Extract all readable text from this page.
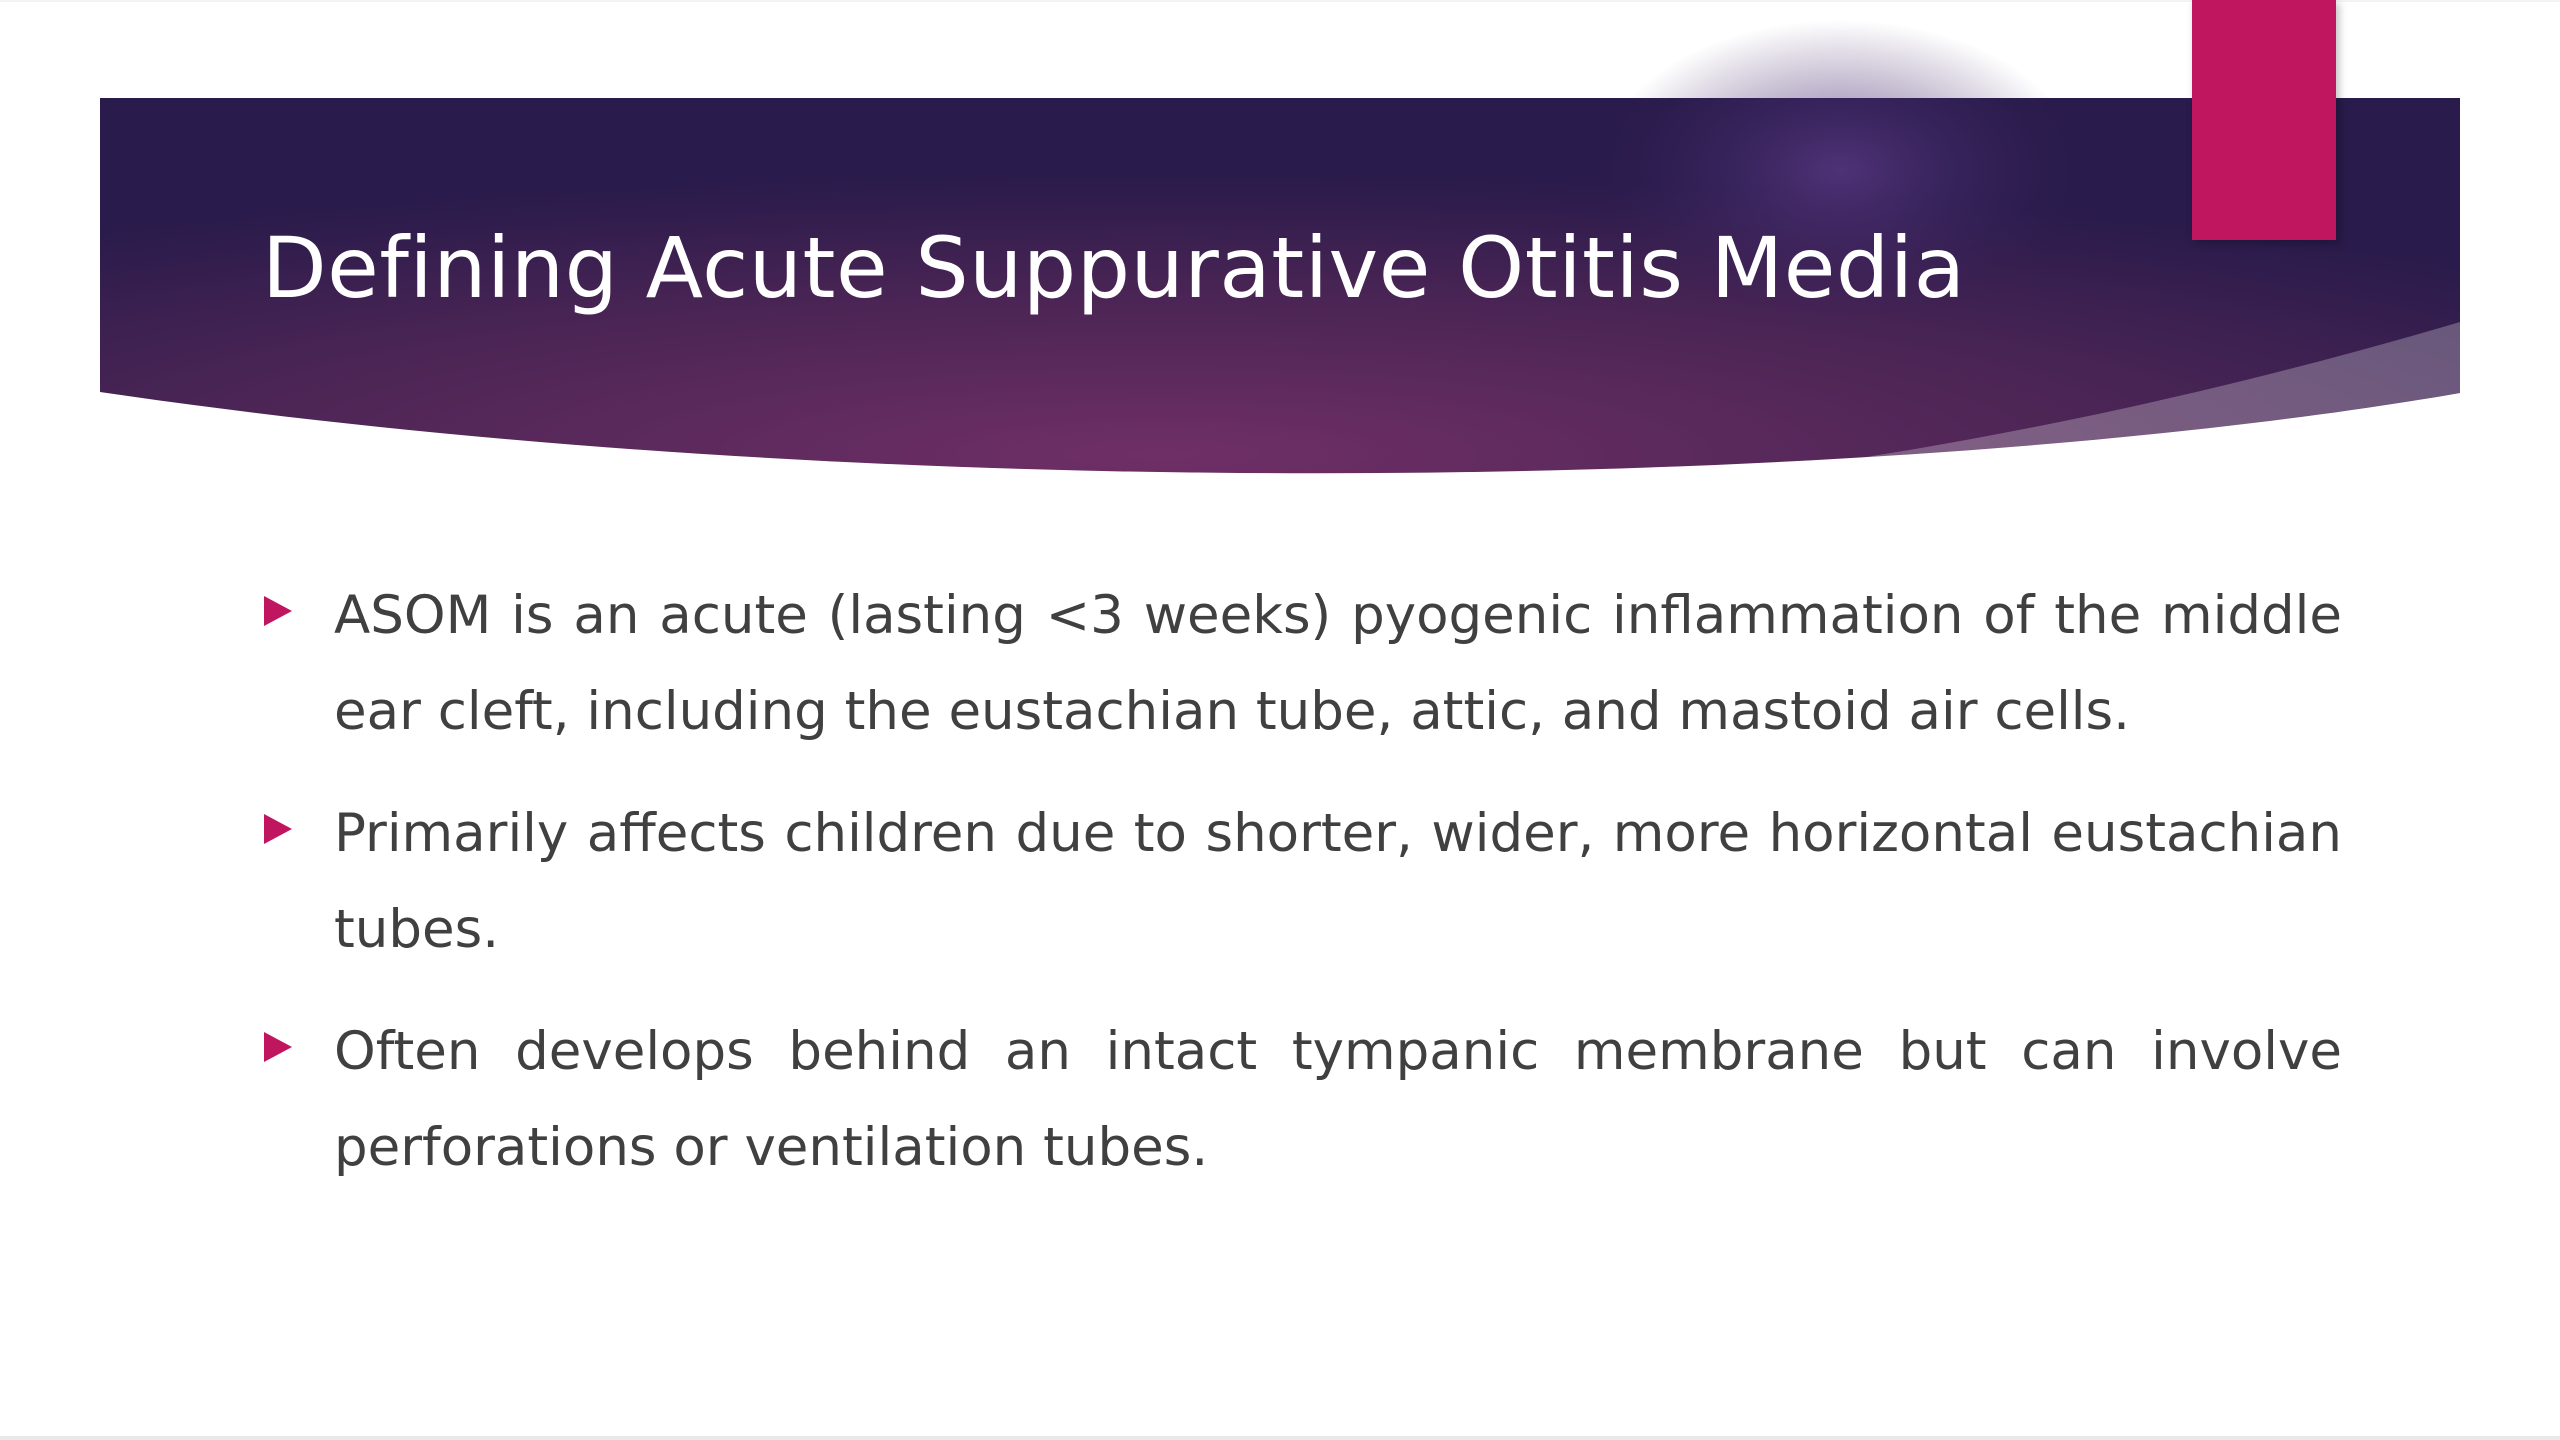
Defining Acute Suppurative Otitis Media
ASOM is an acute (lasting <3 weeks) pyogenic inflammation of the middle ear cleft, including the eustachian tube, attic, and mastoid air cells.
Primarily affects children due to shorter, wider, more horizontal eustachian tubes.
Often develops behind an intact tympanic membrane but can involve perforations or ventilation tubes.
